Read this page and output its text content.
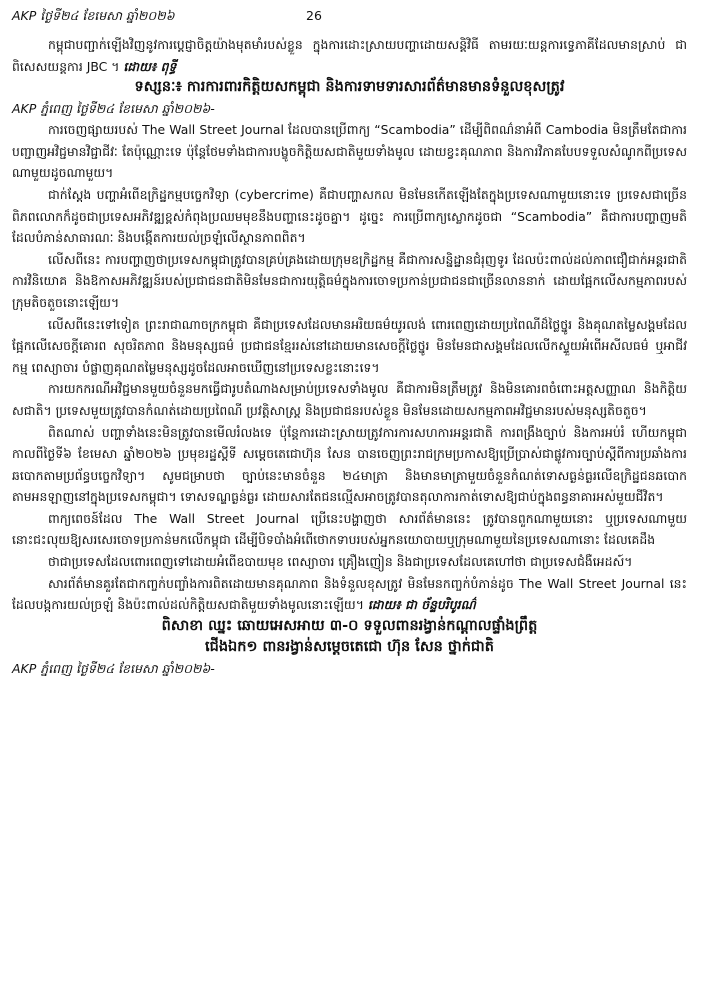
AKP ថ្ងៃទី២៤ ខែមេសា ឆ្នាំ២០២៦	26

កម្ពុជាបញ្ជាក់ឡើងវិញនូវការប្ដេជ្ញាចិត្តយ៉ាងមុតមាំរបស់ខ្លួន ក្នុងការដោះស្រាយបញ្ហាដោយសន្តិវិធី តាមរយៈយន្តការទ្វេភាគីដែលមានស្រាប់ ជាពិសេសយន្តការ JBC ។ ដោយ៖ ពុទ្ធី

ទស្សនៈ៖ ការការពារកិត្តិយសកម្ពុជា និងការទាមទារសារព័ត៌មានមានទំនួលខុសត្រូវ
AKP ភ្នំពេញ ថ្ងៃទី២៤ ខែមេសា ឆ្នាំ២០២៦-

ការចេញផ្សាយរបស់ The Wall Street Journal ដែលបានប្រើពាក្យ “Scambodia” ដើម្បីពិពណ៌នាអំពី Cambodia មិនត្រឹមតែជាការបញ្ជាញអវិជ្ជមានវិជ្ជាជីវៈ តែប៉ុណ្ណោះទេ ប៉ុន្តែថែមទាំងជាការបង្ខូចកិត្តិយសជាតិមួយទាំងមូល ដោយខ្វះគុណភាព និងការវិភាគបែបទទួលសំណូកពីប្រទេសណាមួយដូចណាមួយ។

ជាក់ស្ដែង បញ្ហាអំពើឧក្រិដ្ឋកម្មបច្ចេកវិទ្យា (cybercrime) គឺជាបញ្ហាសកល មិនមែនកើតឡើងតែក្នុងប្រទេសណាមួយនោះទេ ប្រទេសជាច្រើនពិភពលោកក៏ដូចជាប្រទេសអភិវឌ្ឍខ្ពស់កំពុងប្រឈមមុខនឹងបញ្ហានេះដូចគ្នា។ ដូច្នេះ ការប្រើពាក្យស្លោកដូចជា “Scambodia” គឺជាការបញ្ហាញមតិដែលបំភាន់សាធារណៈ និងបង្កើតការយល់ច្រឡំលើស្ថានភាពពិត។

លើសពីនេះ ការបញ្ហាញថាប្រទេសកម្ពុជាត្រូវបានគ្រប់គ្រងដោយក្រុមឧក្រិដ្ឋកម្ម គឺជាការសន្និដ្ឋានជំរុញទូរ ដែលប៉ះពាល់ដល់ភាពជឿជាក់អន្តរជាតិ ការវិនិយោគ និងឱកាសអភិវឌ្ឍន៍របស់ប្រជាជនជាតិមិនមែនជាការយុត្តិធម៌ក្នុងការចោទប្រកាន់ប្រជាជនជាច្រើនលាននាក់ ដោយផ្អែកលើសកម្មភាពរបស់ក្រុមតិចតួចនោះឡើយ។

លើសពីនេះទៅទៀត ព្រះរាជាណាចក្រកម្ពុជា គឺជាប្រទេសដែលមានអរិយធម៌យូរលង់ ពោរពេញដោយប្រពៃណីដ៏ថ្លៃថ្នូរ និងគុណតម្លៃសង្គមដែលផ្អែកលើសេចក្តីគោរព សុចរិតភាព និងមនុស្សធម៌ ប្រជាជនខ្មែររស់នៅដោយមានសេចក្តីថ្លៃថ្នូរ មិនមែនជាសង្គមដែលលើកស្ទួយអំពើអសីលធម៌ ឬអាជីវកម្ម ពេស្យាចារ បំផ្លាញគុណតម្លៃមនុស្សដូចដែលអាចឃើញនៅប្រទេសខ្លះនោះទេ។

ការយកករណីអវិជ្ជមានមួយចំនួនមកធ្វើជារូបតំណាងសម្រាប់ប្រទេសទាំងមូល គឺជាការមិនត្រឹមត្រូវ និងមិនគោរពចំពោះអត្តសញ្ញាណ និងកិត្តិយសជាតិ។ ប្រទេសមួយត្រូវបានកំណត់ដោយប្រពៃណី ប្រវត្តិសាស្ត្រ និងប្រជាជនរបស់ខ្លួន មិនមែនដោយសកម្មភាពអវិជ្ជមានរបស់មនុស្សតិចតួច។

ពិតណាស់ បញ្ហាទាំងនេះមិនត្រូវបានមើលរំលងទេ ប៉ុន្តែការដោះស្រាយត្រូវការការសហការអន្តរជាតិ ការពង្រឹងច្បាប់ និងការអប់រំ ហើយកម្ពុជាកាលពីថ្ងៃទី៦ ខែមេសា ឆ្នាំ២០២៦ ប្រមុខរដ្ឋស្តីទី សម្តេចតេជោហ៊ុន សែន បានចេញព្រះរាជក្រមប្រកាសឱ្យប្រើប្រាស់ជាផ្លូវការច្បាប់ស្តីពីការប្រឆាំងការឆបោកតាមប្រព័ន្ធបច្ចេកវិទ្យា។ សូមជម្រាបថា ច្បាប់នេះមានចំនួន ២៤មាត្រា និងមានមាត្រាមួយចំនួនកំណត់ទោសធ្ងន់ធ្ងរលើឧក្រិដ្ឋជនឆបោកតាមអនឡាញនៅក្នុងប្រទេសកម្ពុជា។ ទោសទណ្ឌធ្ងន់ធ្ងរ ដោយសារតែជនល្មើសអាចត្រូវបានតុលាការកាត់ទោសឱ្យជាប់ក្នុងពន្ធនាគារអស់មួយជីវិត។

ពាក្យពេចន៍ដែល The Wall Street Journal ប្រើនេះបង្ហាញថា សារព័ត៌មាននេះ ត្រូវបានពួកណាមួយនោះ ឬប្រទេសណាមួយនោះជះលុយឱ្យសរសេរចោទប្រកាន់មកលើកម្ពុជា ដើម្បីបិទបាំងអំពើថោកទាបរបស់អ្នកនយោបាយឬក្រុមណាមួយនៃប្រទេសណានោះ ដែលគេដឹង

ថាជាប្រទេសដែលពោរពេញទៅដោយអំពើឧបាយមុខ ពេស្យាចារ គ្រឿងញៀន និងជាប្រទេសដែលគេហៅថា ជាប្រទេសជំងឺអេដស៍។

សារព័ត៌មានគួរតែជាកញ្ចក់បញ្ចាំងការពិតដោយមានគុណភាព និងទំនួលខុសត្រូវ មិនមែនកញ្ចក់បំភាន់ដូច The Wall Street Journal នេះដែលបង្កការយល់ច្រឡំ និងប៉ះពាល់ដល់កិត្តិយសជាតិមួយទាំងមូលនោះឡើយ។ ដោយ៖ ជា ច័ន្ទបរិបូរណ៌

ពិសាខា ឈ្នះ ឆោយអេសអាយ ៣-០ ទទួលពានរង្វាន់កណ្ដាលផ្ទាំងព្រឹត្ត
ជើងឯក១ ពានរង្វាន់សម្តេចតេជោ ហ៊ុន សែន ថ្នាក់ជាតិ
AKP ភ្នំពេញ ថ្ងៃទី២៤ ខែមេសា ឆ្នាំ២០២៦-
